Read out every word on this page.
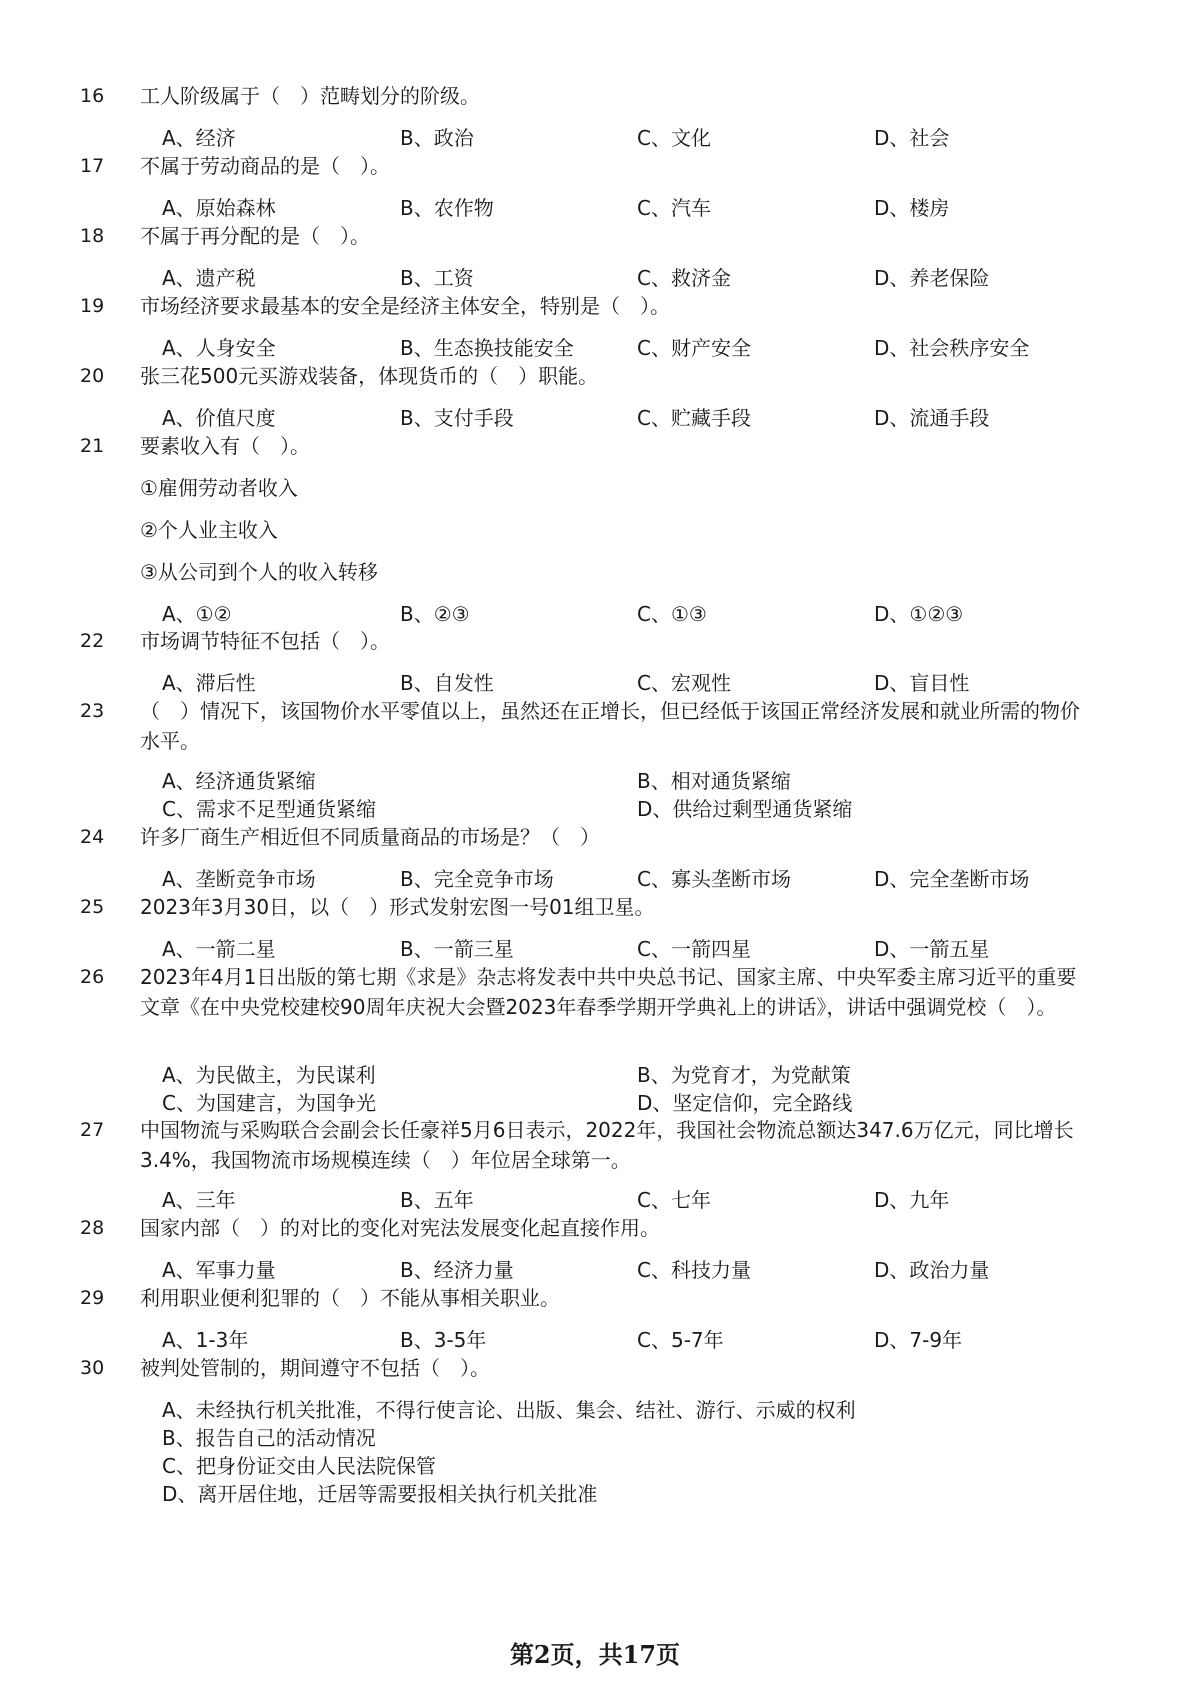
16	工人阶级属于（　）范畴划分的阶级。
A、经济	B、政治	C、文化	D、社会
17	不属于劳动商品的是（　）。
A、原始森林	B、农作物	C、汽车	D、楼房
18	不属于再分配的是（　）。
A、遗产税	B、工资	C、救济金	D、养老保险
19	市场经济要求最基本的安全是经济主体安全，特别是（　）。
A、人身安全	B、生态换技能安全	C、财产安全	D、社会秩序安全
20	张三花500元买游戏装备，体现货币的（　）职能。
A、价值尺度	B、支付手段	C、贮藏手段	D、流通手段
21	要素收入有（　）。
①雇佣劳动者收入
②个人业主收入
③从公司到个人的收入转移
A、①②	B、②③	C、①③	D、①②③
22	市场调节特征不包括（　）。
A、滞后性	B、自发性	C、宏观性	D、盲目性
23	（　）情况下，该国物价水平零值以上，虽然还在正增长，但已经低于该国正常经济发展和就业所需的物价水平。
A、经济通货紧缩	B、相对通货紧缩
C、需求不足型通货紧缩	D、供给过剩型通货紧缩
24	许多厂商生产相近但不同质量商品的市场是？（　）
A、垄断竞争市场	B、完全竞争市场	C、寡头垄断市场	D、完全垄断市场
25	2023年3月30日，以（　）形式发射宏图一号01组卫星。
A、一箭二星	B、一箭三星	C、一箭四星	D、一箭五星
26	2023年4月1日出版的第七期《求是》杂志将发表中共中央总书记、国家主席、中央军委主席习近平的重要文章《在中央党校建校90周年庆祝大会暨2023年春季学期开学典礼上的讲话》，讲话中强调党校（　）。
A、为民做主，为民谋利	B、为党育才，为党献策
C、为国建言，为国争光	D、坚定信仰，完全路线
27	中国物流与采购联合会副会长任豪祥5月6日表示，2022年，我国社会物流总额达347.6万亿元，同比增长3.4%，我国物流市场规模连续（　）年位居全球第一。
A、三年	B、五年	C、七年	D、九年
28	国家内部（　）的对比的变化对宪法发展变化起直接作用。
A、军事力量	B、经济力量	C、科技力量	D、政治力量
29	利用职业便利犯罪的（　）不能从事相关职业。
A、1-3年	B、3-5年	C、5-7年	D、7-9年
30	被判处管制的，期间遵守不包括（　）。
A、未经执行机关批准，不得行使言论、出版、集会、结社、游行、示威的权利
B、报告自己的活动情况
C、把身份证交由人民法院保管
D、离开居住地，迁居等需要报相关执行机关批准
第2页，共17页
